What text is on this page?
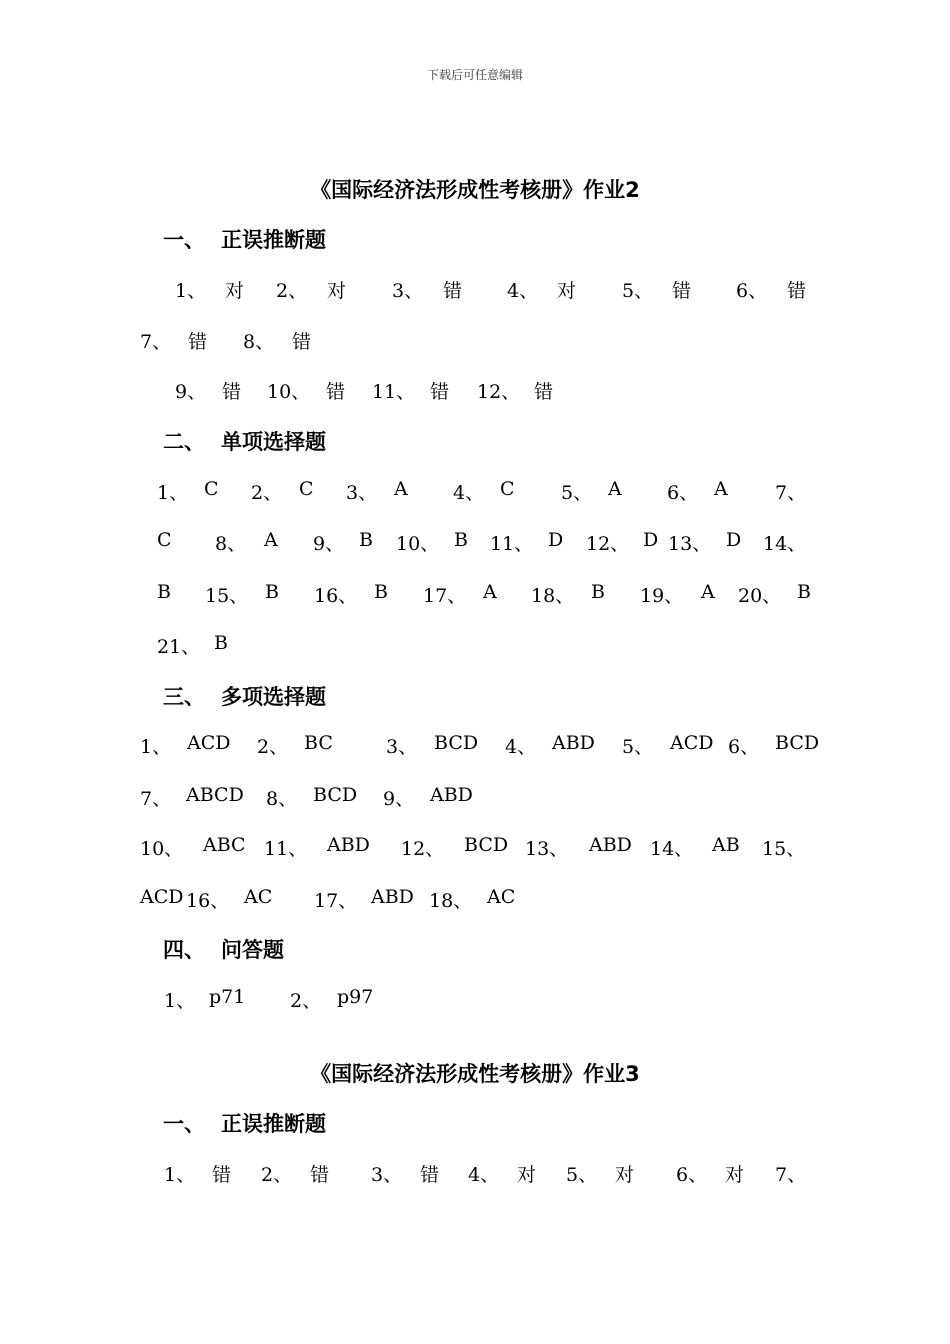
下载后可任意编辑
《国际经济法形成性考核册》作业2
一、 正误推断题
1、 对 2、 对 3、 错 4、 对 5、 错 6、 错
7、 错 8、 错
9、 错 10、 错 11、 错 12、 错
二、 单项选择题
1、 C 2、 C 3、 A 4、 C 5、 A 6、 A 7、
C 8、 A 9、 B 10、 B 11、 D 12、 D 13、 D 14、
B 15、 B 16、 B 17、 A 18、 B 19、 A 20、 B
21、 B
三、 多项选择题
1、 ACD 2、 BC	3、 BCD 4、 ABD 5、 ACD 6、 BCD
7、 ABCD 8、 BCD 9、 ABD
10、 ABC 11、 ABD 12、 BCD 13、 ABD 14、 AB 15、
ACD 16、 AC 17、 ABD 18、 AC
四、 问答题
1、 p71 2、 p97
《国际经济法形成性考核册》作业3
一、 正误推断题
1、 错 2、 错 3、 错 4、 对 5、 对 6、 对 7、
